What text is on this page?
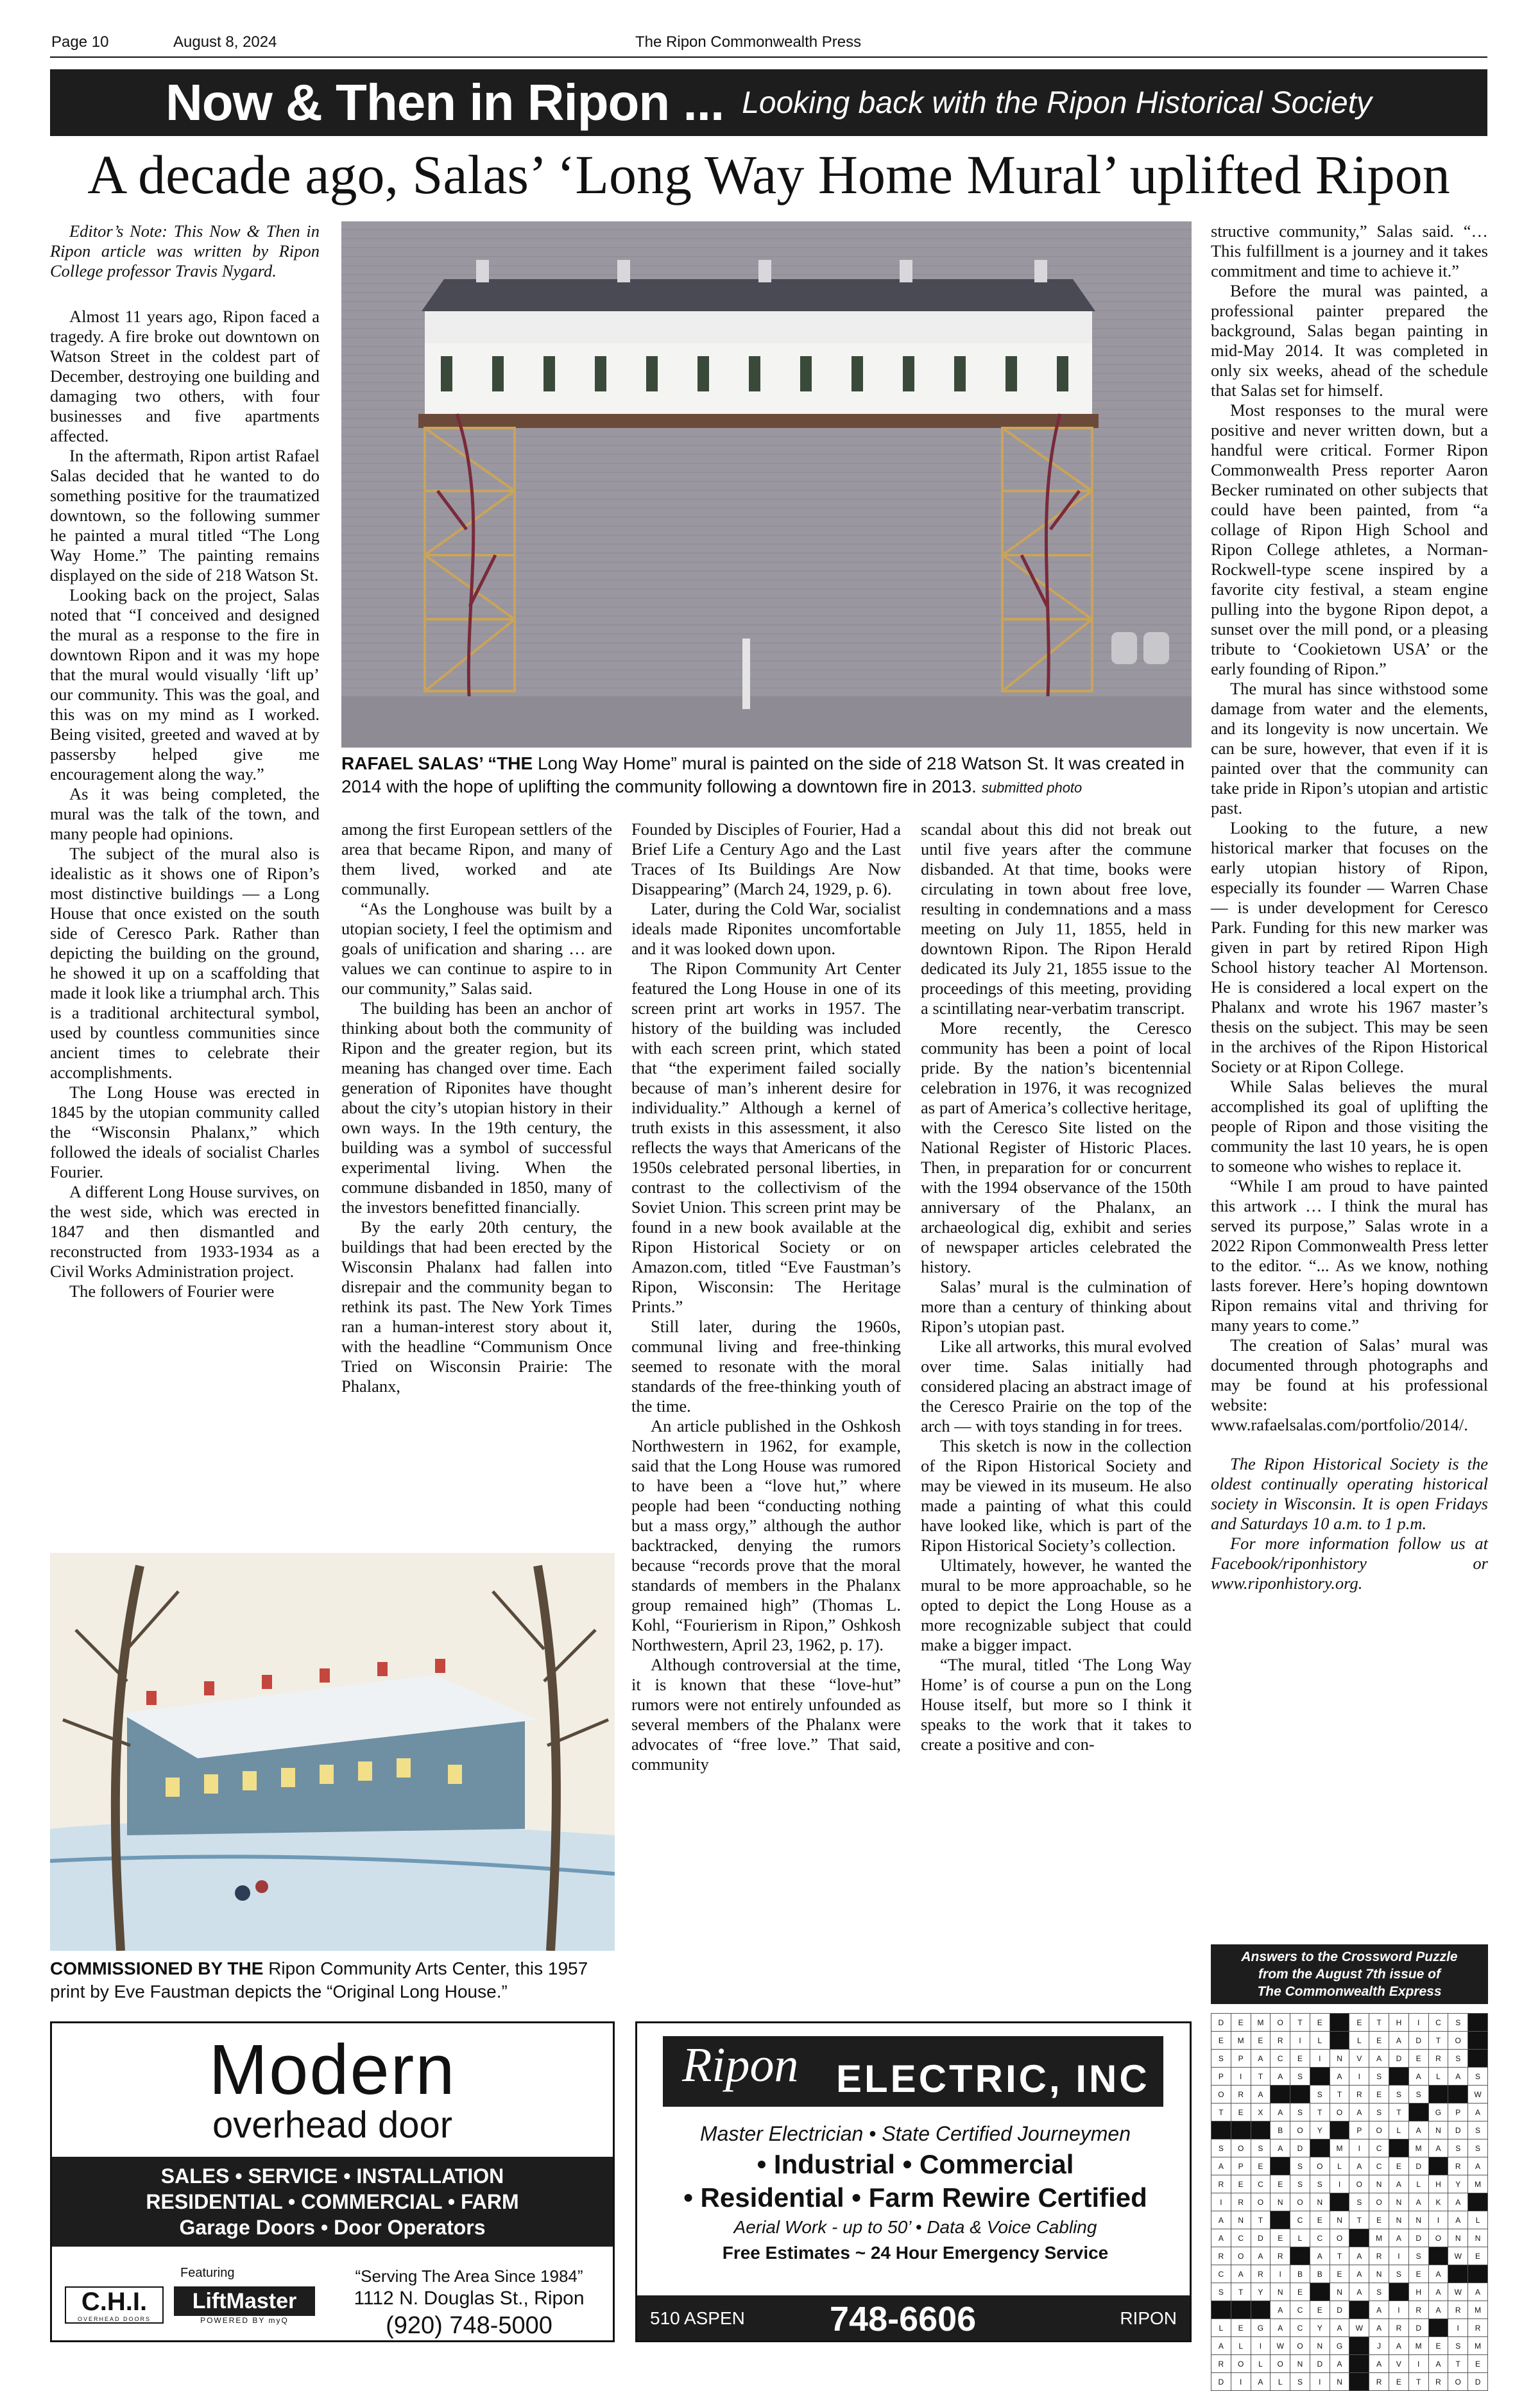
Page 10	August 8, 2024	The Ripon Commonwealth Press
Now & Then in Ripon ... Looking back with the Ripon Historical Society
A decade ago, Salas’ ‘Long Way Home Mural’ uplifted Ripon

Editor’s Note: This Now & Then in Ripon article was written by Ripon College professor Travis Nygard.

Almost 11 years ago, Ripon faced a tragedy. A fire broke out downtown on Watson Street in the coldest part of December, destroying one building and damaging two others, with four businesses and five apartments affected.

In the aftermath, Ripon artist Rafael Salas decided that he wanted to do something positive for the traumatized downtown, so the following summer he painted a mural titled “The Long Way Home.” The painting remains displayed on the side of 218 Watson St.

Looking back on the project, Salas noted that “I conceived and designed the mural as a response to the fire in downtown Ripon and it was my hope that the mural would visually ‘lift up’ our community. This was the goal, and this was on my mind as I worked. Being visited, greeted and waved at by passersby helped give me encouragement along the way.”

As it was being completed, the mural was the talk of the town, and many people had opinions.

The subject of the mural also is idealistic as it shows one of Ripon’s most distinctive buildings — a Long House that once existed on the south side of Ceresco Park. Rather than depicting the building on the ground, he showed it up on a scaffolding that made it look like a triumphal arch. This is a traditional architectural symbol, used by countless communities since ancient times to celebrate their accomplishments.

The Long House was erected in 1845 by the utopian community called the “Wisconsin Phalanx,” which followed the ideals of socialist Charles Fourier.

A different Long House survives, on the west side, which was erected in 1847 and then dismantled and reconstructed from 1933-1934 as a Civil Works Administration project.

The followers of Fourier were

RAFAEL SALAS’ “THE Long Way Home” mural is painted on the side of 218 Watson St. It was created in 2014 with the hope of uplifting the community following a downtown fire in 2013. submitted photo

among the first European settlers of the area that became Ripon, and many of them lived, worked and ate communally.

“As the Longhouse was built by a utopian society, I feel the optimism and goals of unification and sharing … are values we can continue to aspire to in our community,” Salas said.

The building has been an anchor of thinking about both the community of Ripon and the greater region, but its meaning has changed over time. Each generation of Riponites have thought about the city’s utopian history in their own ways. In the 19th century, the building was a symbol of successful experimental living. When the commune disbanded in 1850, many of the investors benefitted financially.

By the early 20th century, the buildings that had been erected by the Wisconsin Phalanx had fallen into disrepair and the community began to rethink its past. The New York Times ran a human-interest story about it, with the headline “Communism Once Tried on Wisconsin Prairie: The Phalanx,

Founded by Disciples of Fourier, Had a Brief Life a Century Ago and the Last Traces of Its Buildings Are Now Disappearing” (March 24, 1929, p. 6).

Later, during the Cold War, socialist ideals made Riponites uncomfortable and it was looked down upon.

The Ripon Community Art Center featured the Long House in one of its screen print art works in 1957. The history of the building was included with each screen print, which stated that “the experiment failed socially because of man’s inherent desire for individuality.” Although a kernel of truth exists in this assessment, it also reflects the ways that Americans of the 1950s celebrated personal liberties, in contrast to the collectivism of the Soviet Union. This screen print may be found in a new book available at the Ripon Historical Society or on Amazon.com, titled “Eve Faustman’s Ripon, Wisconsin: The Heritage Prints.”

Still later, during the 1960s, communal living and free-thinking seemed to resonate with the moral standards of the free-thinking youth of the time.

An article published in the Oshkosh Northwestern in 1962, for example, said that the Long House was rumored to have been a “love hut,” where people had been “conducting nothing but a mass orgy,” although the author backtracked, denying the rumors because “records prove that the moral standards of members in the Phalanx group remained high” (Thomas L. Kohl, “Fourierism in Ripon,” Oshkosh Northwestern, April 23, 1962, p. 17).

Although controversial at the time, it is known that these “love-hut” rumors were not entirely unfounded as several members of the Phalanx were advocates of “free love.” That said, community

scandal about this did not break out until five years after the commune disbanded. At that time, books were circulating in town about free love, resulting in condemnations and a mass meeting on July 11, 1855, held in downtown Ripon. The Ripon Herald dedicated its July 21, 1855 issue to the proceedings of this meeting, providing a scintillating near-verbatim transcript.

More recently, the Ceresco community has been a point of local pride. By the nation’s bicentennial celebration in 1976, it was recognized as part of America’s collective heritage, with the Ceresco Site listed on the National Register of Historic Places. Then, in preparation for or concurrent with the 1994 observance of the 150th anniversary of the Phalanx, an archaeological dig, exhibit and series of newspaper articles celebrated the history.

Salas’ mural is the culmination of more than a century of thinking about Ripon’s utopian past.

Like all artworks, this mural evolved over time. Salas initially had considered placing an abstract image of the Ceresco Prairie on the top of the arch — with toys standing in for trees.

This sketch is now in the collection of the Ripon Historical Society and may be viewed in its museum. He also made a painting of what this could have looked like, which is part of the Ripon Historical Society’s collection.

Ultimately, however, he wanted the mural to be more approachable, so he opted to depict the Long House as a more recognizable subject that could make a bigger impact.

“The mural, titled ‘The Long Way Home’ is of course a pun on the Long House itself, but more so I think it speaks to the work that it takes to create a positive and con-

structive community,” Salas said. “… This fulfillment is a journey and it takes commitment and time to achieve it.”

Before the mural was painted, a professional painter prepared the background, Salas began painting in mid-May 2014. It was completed in only six weeks, ahead of the schedule that Salas set for himself.

Most responses to the mural were positive and never written down, but a handful were critical. Former Ripon Commonwealth Press reporter Aaron Becker ruminated on other subjects that could have been painted, from “a collage of Ripon High School and Ripon College athletes, a Norman-Rockwell-type scene inspired by a favorite city festival, a steam engine pulling into the bygone Ripon depot, a sunset over the mill pond, or a pleasing tribute to ‘Cookietown USA’ or the early founding of Ripon.”

The mural has since withstood some damage from water and the elements, and its longevity is now uncertain. We can be sure, however, that even if it is painted over that the community can take pride in Ripon’s utopian and artistic past.

Looking to the future, a new historical marker that focuses on the early utopian history of Ripon, especially its founder — Warren Chase — is under development for Ceresco Park. Funding for this new marker was given in part by retired Ripon High School history teacher Al Mortenson. He is considered a local expert on the Phalanx and wrote his 1967 master’s thesis on the subject. This may be seen in the archives of the Ripon Historical Society or at Ripon College.

While Salas believes the mural accomplished its goal of uplifting the people of Ripon and those visiting the community the last 10 years, he is open to someone who wishes to replace it.

“While I am proud to have painted this artwork … I think the mural has served its purpose,” Salas wrote in a 2022 Ripon Commonwealth Press letter to the editor. “... As we know, nothing lasts forever. Here’s hoping downtown Ripon remains vital and thriving for many years to come.”

The creation of Salas’ mural was documented through photographs and may be found at his professional website: www.rafaelsalas.com/portfolio/2014/.

The Ripon Historical Society is the oldest continually operating historical society in Wisconsin. It is open Fridays and Saturdays 10 a.m. to 1 p.m.

For more information follow us at Facebook/riponhistory or www.riponhistory.org.

COMMISSIONED BY THE Ripon Community Arts Center, this 1957 print by Eve Faustman depicts the “Original Long House.”
Modern
overhead door
SALES • SERVICE • INSTALLATION
RESIDENTIAL • COMMERCIAL • FARM
Garage Doors • Door Operators
Featuring
C.H.I.
OVERHEAD DOORS
LiftMaster
POWERED BY myQ
“Serving The Area Since 1984”
1112 N. Douglas St., Ripon
(920) 748-5000
Ripon ELECTRIC, INC
Master Electrician • State Certified Journeymen
• Industrial • Commercial
• Residential • Farm Rewire Certified
Aerial Work - up to 50’ • Data & Voice Cabling
Free Estimates ~ 24 Hour Emergency Service
510 ASPEN 748-6606	RIPON
Answers to the Crossword Puzzle
from the August 7th issue of
The Commonwealth Express
D	E	M	O	T	E		E	T	H	I	C	S	
E	M	E	R	I	L		L	E	A	D	T	O	
S	P	A	C	E	I	N	V	A	D	E	R	S	
P	I	T	A	S		A	I	S		A	L	A	S
O	R	A			S	T	R	E	S	S			W
T	E	X	A	S	T	O	A	S	T		G	P	A
			B	O	Y		P	O	L	A	N	D	S
S	O	S	A	D		M	I	C		M	A	S	S
A	P	E		S	O	L	A	C	E	D		R	A
R	E	C	E	S	S	I	O	N	A	L	H	Y	M
I	R	O	N	O	N		S	O	N	A	K	A	
A	N	T		C	E	N	T	E	N	N	I	A	L
A	C	D	E	L	C	O		M	A	D	O	N	N
R	O	A	R		A	T	A	R	I	S		W	E
C	A	R	I	B	B	E	A	N	S	E	A		
S	T	Y	N	E		N	A	S		H	A	W	A
			A	C	E	D		A	I	R	A	R	M
L	E	G	A	C	Y	A	W	A	R	D		I	R
A	L	I	W	O	N	G		J	A	M	E	S	M
R	O	L	O	N	D	A		A	V	I	A	T	E
D	I	A	L	S	I	N		R	E	T	R	O	D
